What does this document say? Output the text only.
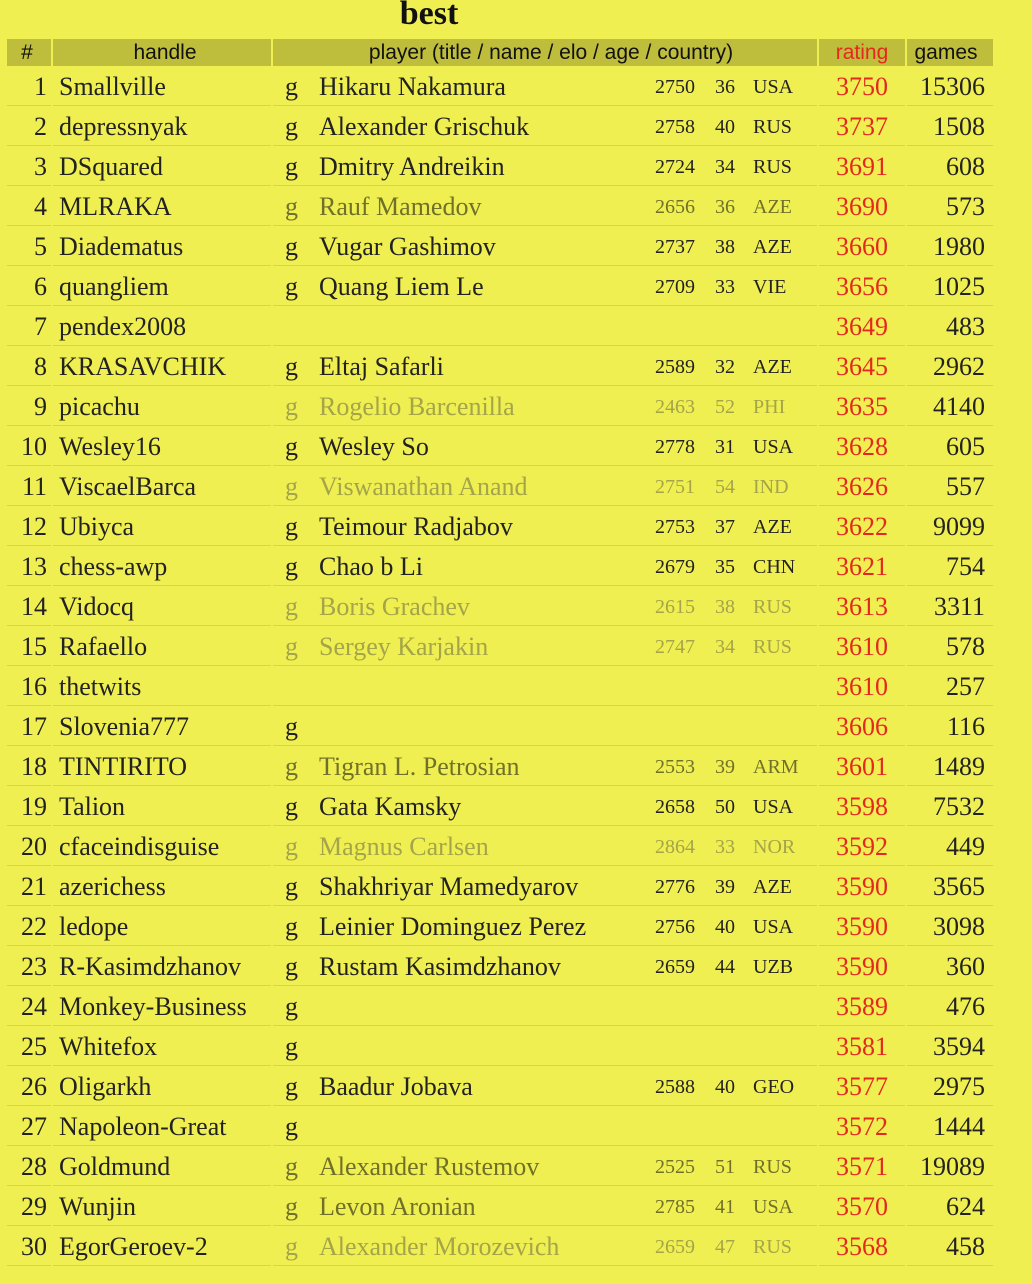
best
#	handle	player (title / name / elo / age / country)	rating	games
1	Smallville	g Hikaru Nakamura 2750 36 USA	3750	15306
2	depressnyak	g Alexander Grischuk 2758 40 RUS	3737	1508
3	DSquared	g Dmitry Andreikin 2724 34 RUS	3691	608
4	MLRAKA	g Rauf Mamedov 2656 36 AZE	3690	573
5	Diadematus	g Vugar Gashimov 2737 38 AZE	3660	1980
6	quangliem	g Quang Liem Le 2709 33 VIE	3656	1025
7	pendex2008		3649	483
8	KRASAVCHIK	g Eltaj Safarli 2589 32 AZE	3645	2962
9	picachu	g Rogelio Barcenilla 2463 52 PHI	3635	4140
10	Wesley16	g Wesley So 2778 31 USA	3628	605
11	ViscaelBarca	g Viswanathan Anand 2751 54 IND	3626	557
12	Ubiyca	g Teimour Radjabov 2753 37 AZE	3622	9099
13	chess-awp	g Chao b Li 2679 35 CHN	3621	754
14	Vidocq	g Boris Grachev 2615 38 RUS	3613	3311
15	Rafaello	g Sergey Karjakin 2747 34 RUS	3610	578
16	thetwits		3610	257
17	Slovenia777	g	3606	116
18	TINTIRITO	g Tigran L. Petrosian 2553 39 ARM	3601	1489
19	Talion	g Gata Kamsky 2658 50 USA	3598	7532
20	cfaceindisguise	g Magnus Carlsen 2864 33 NOR	3592	449
21	azerichess	g Shakhriyar Mamedyarov 2776 39 AZE	3590	3565
22	ledope	g Leinier Dominguez Perez 2756 40 USA	3590	3098
23	R-Kasimdzhanov	g Rustam Kasimdzhanov 2659 44 UZB	3590	360
24	Monkey-Business	g	3589	476
25	Whitefox	g	3581	3594
26	Oligarkh	g Baadur Jobava 2588 40 GEO	3577	2975
27	Napoleon-Great	g	3572	1444
28	Goldmund	g Alexander Rustemov 2525 51 RUS	3571	19089
29	Wunjin	g Levon Aronian 2785 41 USA	3570	624
30	EgorGeroev-2	g Alexander Morozevich 2659 47 RUS	3568	458
